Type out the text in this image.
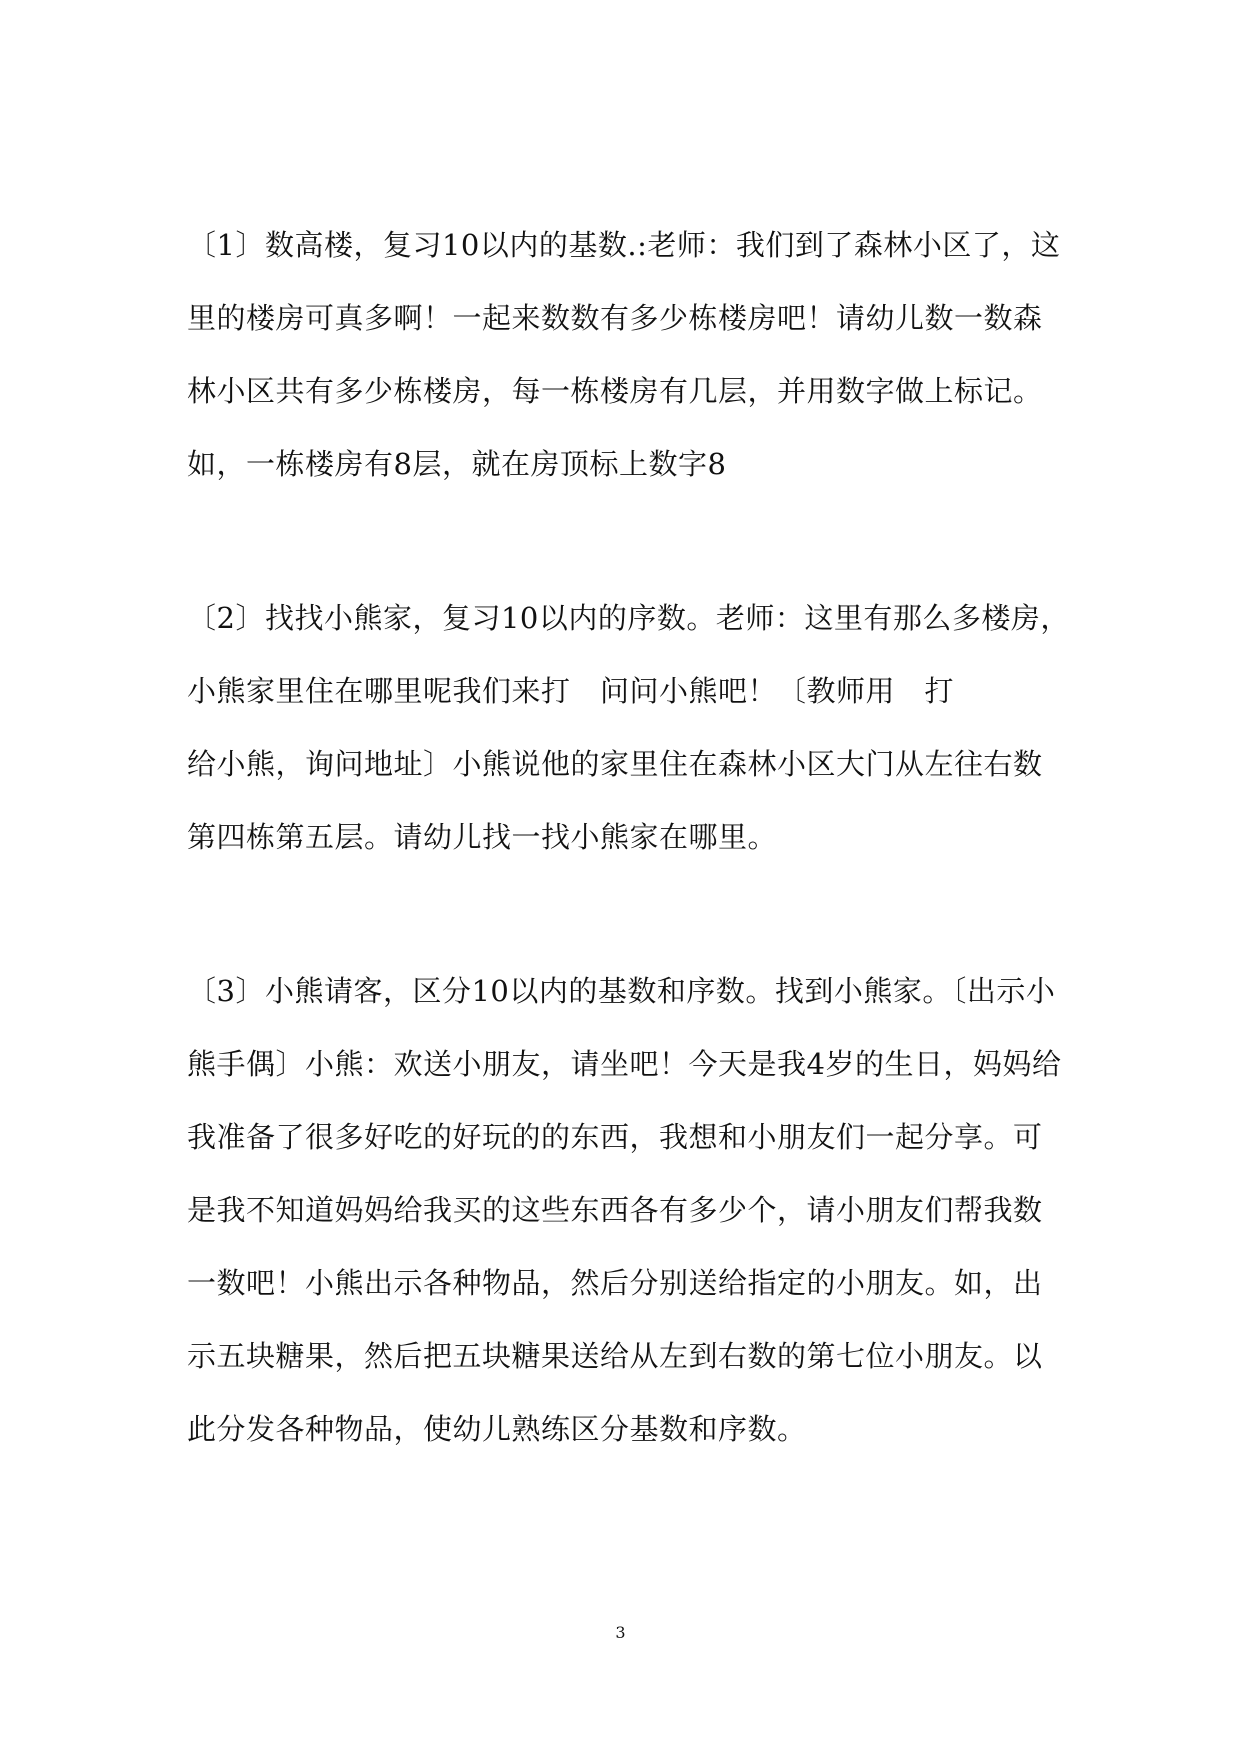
〔1〕数高楼，复习10以内的基数.:老师：我们到了森林小区了，这
里的楼房可真多啊！一起来数数有多少栋楼房吧！请幼儿数一数森
林小区共有多少栋楼房，每一栋楼房有几层，并用数字做上标记。
如，一栋楼房有8层，就在房顶标上数字8
〔2〕找找小熊家，复习10以内的序数。老师：这里有那么多楼房，
小熊家里住在哪里呢我们来打　问问小熊吧！〔教师用　打
给小熊，询问地址〕小熊说他的家里住在森林小区大门从左往右数
第四栋第五层。请幼儿找一找小熊家在哪里。
〔3〕小熊请客，区分10以内的基数和序数。找到小熊家。〔出示小
熊手偶〕小熊：欢送小朋友，请坐吧！今天是我4岁的生日，妈妈给
我准备了很多好吃的好玩的的东西，我想和小朋友们一起分享。可
是我不知道妈妈给我买的这些东西各有多少个，请小朋友们帮我数
一数吧！小熊出示各种物品，然后分别送给指定的小朋友。如，出
示五块糖果，然后把五块糖果送给从左到右数的第七位小朋友。以
此分发各种物品，使幼儿熟练区分基数和序数。
3
